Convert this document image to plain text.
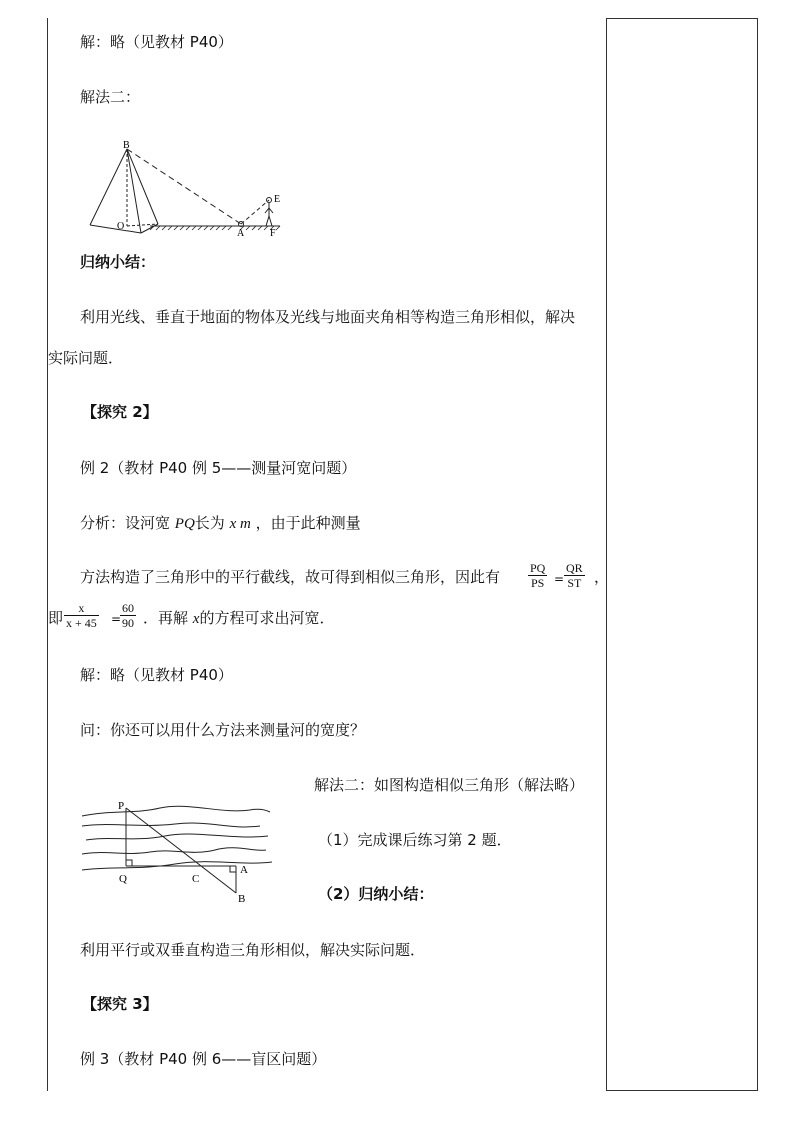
解：略（见教材 P40）
解法二：
B
O
A
E
F
归纳小结：
利用光线、垂直于地面的物体及光线与地面夹角相等构造三角形相似，解决
实际问题．
【探究 2】
例 2（教材 P40 例 5——测量河宽问题）
分析：设河宽 PQ长为 x m ，由于此种测量
方法构造了三角形中的平行截线，故可得到相似三角形，因此有 $\frac{PQ}{PS} = \frac{QR}{ST}$ ，
即 $\frac{x}{x + 45}$ =
$\frac{60}{90}$ ．再解 x的方程可求出河宽．
解：略（见教材 P40）
问：你还可以用什么方法来测量河的宽度？
P
Q	C
A
B
解法二：如图构造相似三角形（解法略）
（1）完成课后练习第 2 题．
（2）归纳小结：
利用平行或双垂直构造三角形相似，解决实际问题．
【探究 3】
例 3（教材 P40 例 6——盲区问题）
